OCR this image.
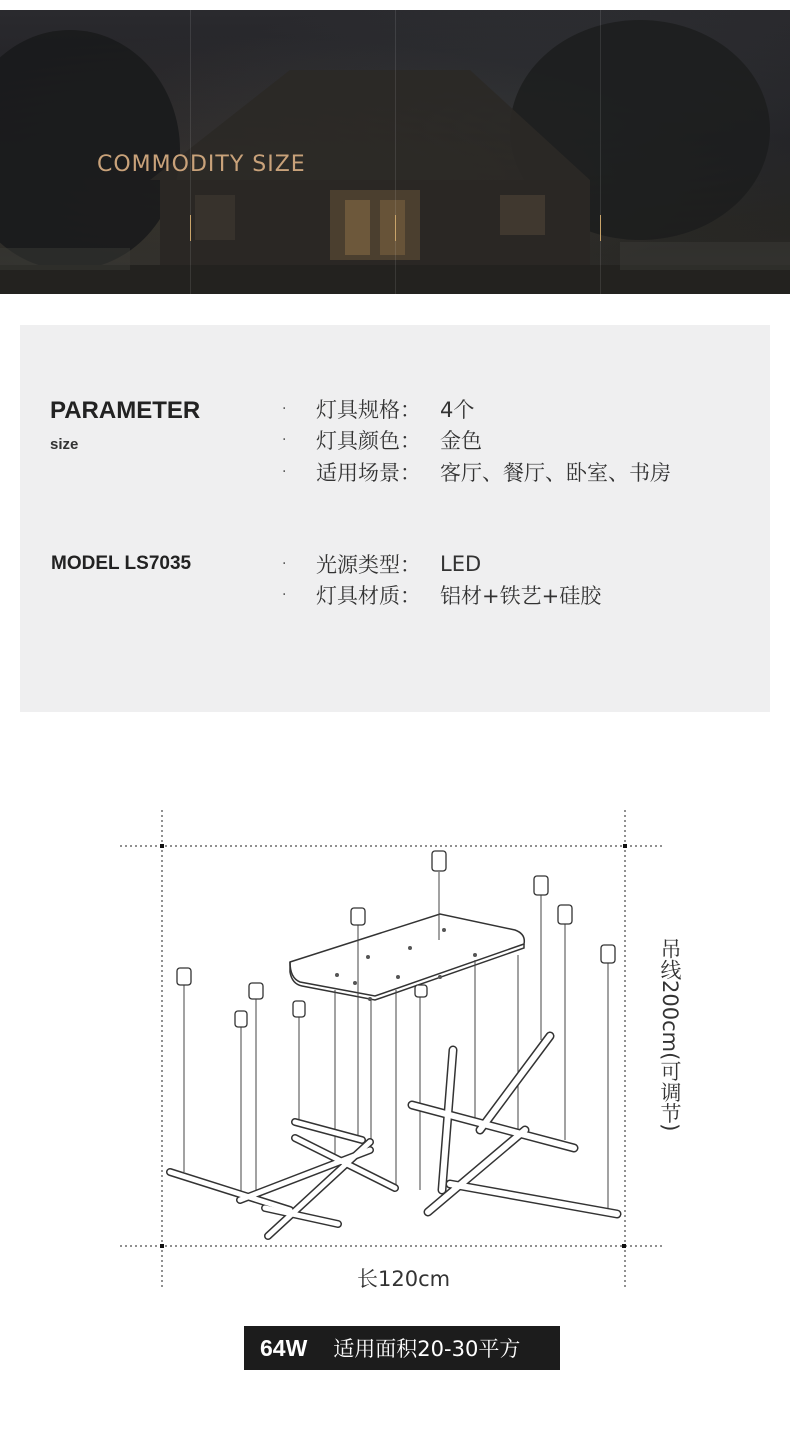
COMMODITY SIZE
PARAMETER
size
MODEL LS7035
·	灯具规格： 4个
·	灯具颜色： 金色
·	适用场景： 客厅、餐厅、卧室、书房
·	光源类型： LED
·	灯具材质： 铝材+铁艺+硅胶
吊线200cm(可调节)
长120cm
64W 适用面积20-30平方
